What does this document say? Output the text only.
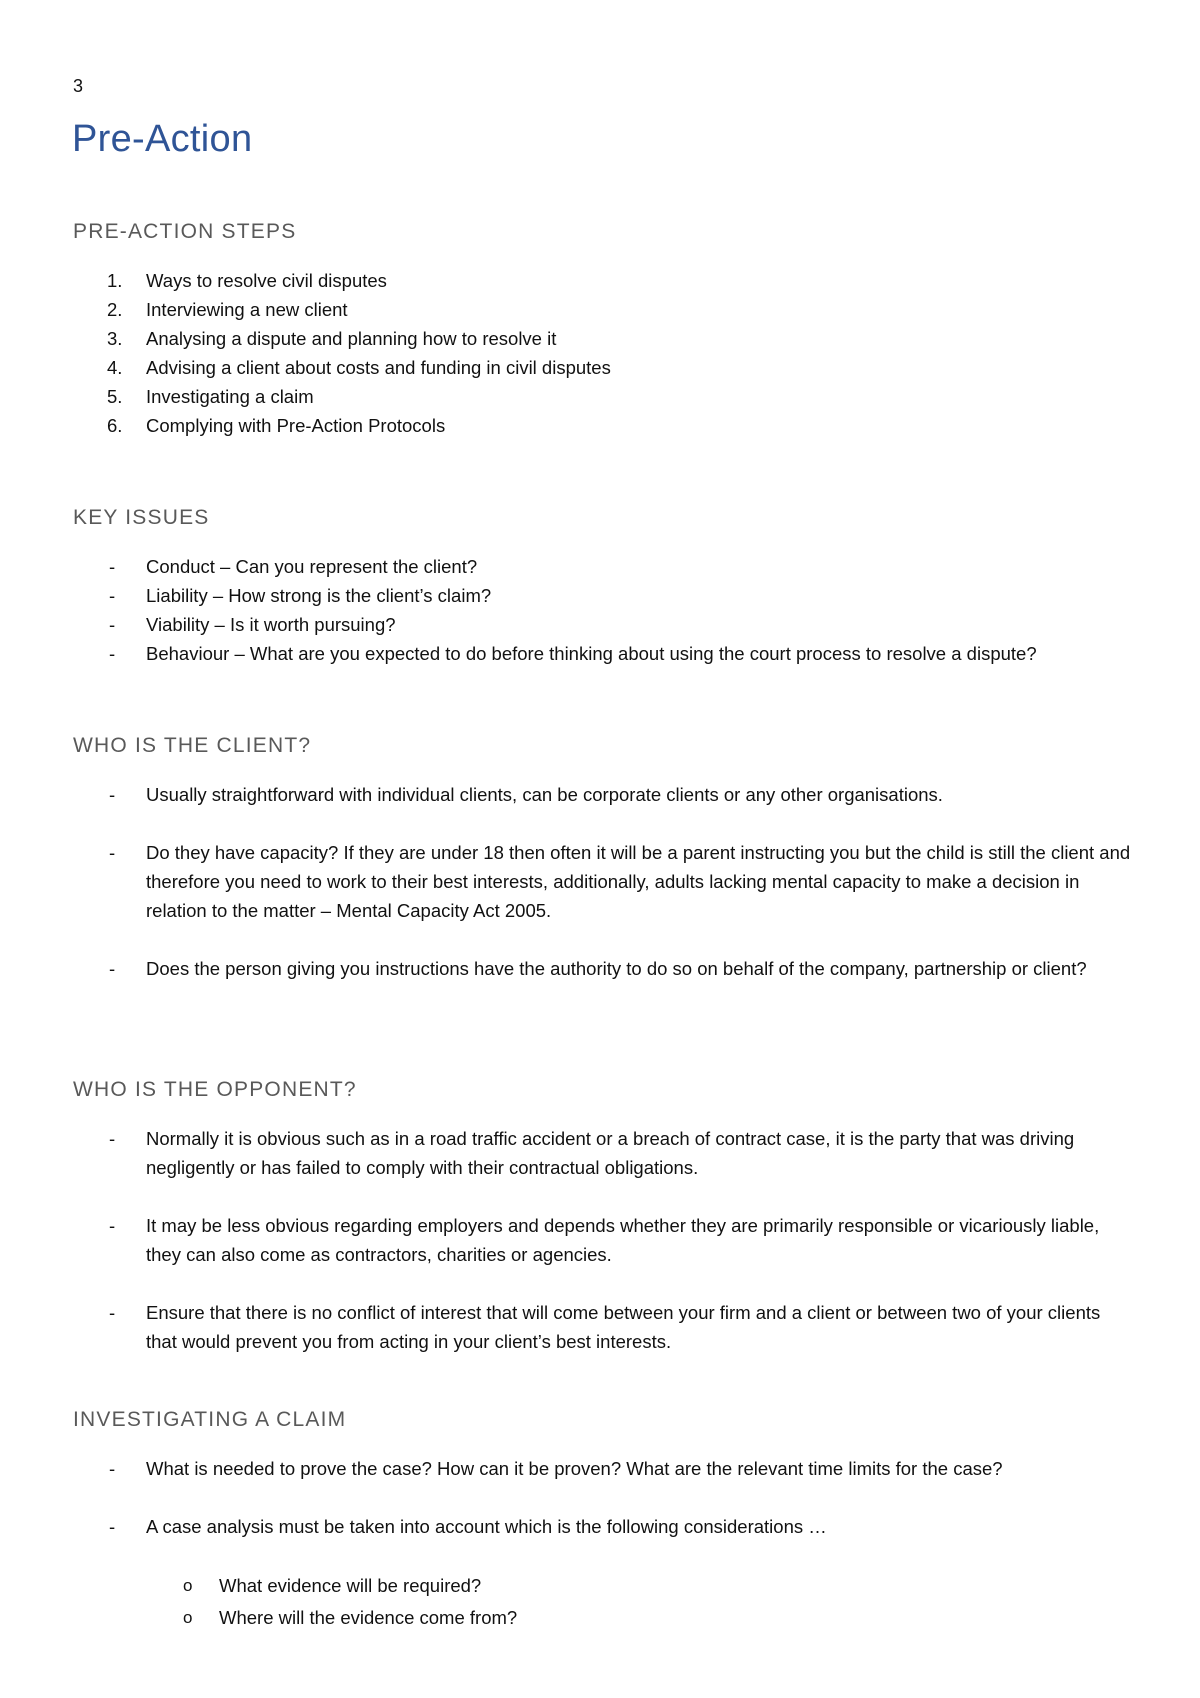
3
Pre-Action
PRE-ACTION STEPS
1. Ways to resolve civil disputes
2. Interviewing a new client
3. Analysing a dispute and planning how to resolve it
4. Advising a client about costs and funding in civil disputes
5. Investigating a claim
6. Complying with Pre-Action Protocols
KEY ISSUES
- Conduct – Can you represent the client?
- Liability – How strong is the client’s claim?
- Viability – Is it worth pursuing?
- Behaviour – What are you expected to do before thinking about using the court process to resolve a dispute?
WHO IS THE CLIENT?
- Usually straightforward with individual clients, can be corporate clients or any other organisations.
- Do they have capacity? If they are under 18 then often it will be a parent instructing you but the child is still the client and therefore you need to work to their best interests, additionally, adults lacking mental capacity to make a decision in relation to the matter – Mental Capacity Act 2005.
- Does the person giving you instructions have the authority to do so on behalf of the company, partnership or client?
WHO IS THE OPPONENT?
- Normally it is obvious such as in a road traffic accident or a breach of contract case, it is the party that was driving negligently or has failed to comply with their contractual obligations.
- It may be less obvious regarding employers and depends whether they are primarily responsible or vicariously liable, they can also come as contractors, charities or agencies.
- Ensure that there is no conflict of interest that will come between your firm and a client or between two of your clients that would prevent you from acting in your client’s best interests.
INVESTIGATING A CLAIM
- What is needed to prove the case? How can it be proven? What are the relevant time limits for the case?
- A case analysis must be taken into account which is the following considerations …
o What evidence will be required?
o Where will the evidence come from?
